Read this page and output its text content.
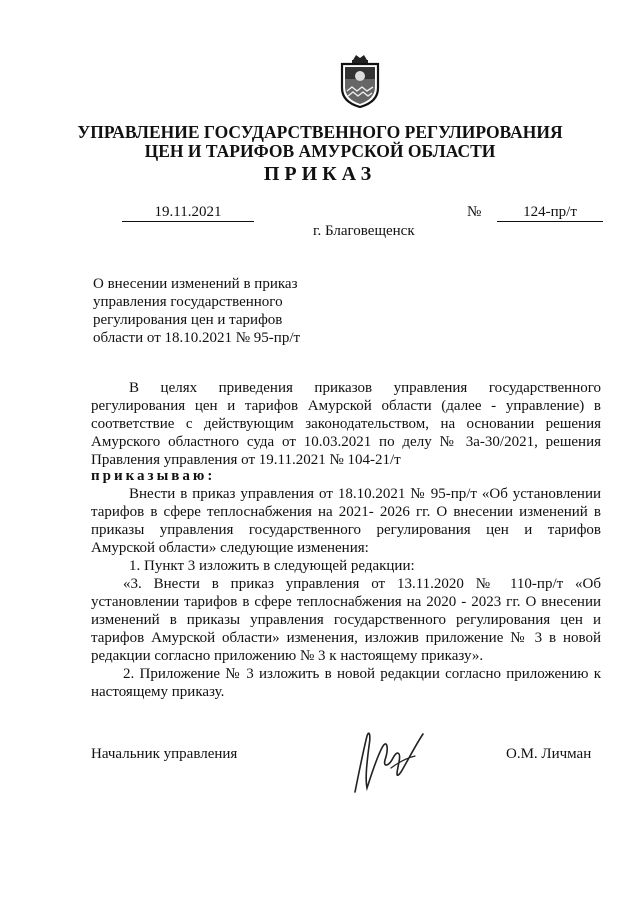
УПРАВЛЕНИЕ ГОСУДАРСТВЕННОГО РЕГУЛИРОВАНИЯ
ЦЕН И ТАРИФОВ АМУРСКОЙ ОБЛАСТИ
ПРИКАЗ
19.11.2021	№	124-пр/т
г. Благовещенск
О внесении изменений в приказ
управления государственного
регулирования цен и тарифов
области от 18.10.2021 № 95-пр/т
В целях приведения приказов управления государственного
регулирования цен и тарифов Амурской области (далее - управление) в
соответствие с действующим законодательством, на основании решения
Амурского областного суда от 10.03.2021 по делу № 3а-30/2021, решения
Правления управления от 19.11.2021 № 104-21/т
приказываю:
Внести в приказ управления от 18.10.2021 № 95-пр/т «Об установлении
тарифов в сфере теплоснабжения на 2021- 2026 гг. О внесении изменений в
приказы управления государственного регулирования цен и тарифов
Амурской области» следующие изменения:
1. Пункт 3 изложить в следующей редакции:
«3. Внести в приказ управления от 13.11.2020 № 110-пр/т «Об
установлении тарифов в сфере теплоснабжения на 2020 - 2023 гг. О внесении
изменений в приказы управления государственного регулирования цен и
тарифов Амурской области» изменения, изложив приложение № 3 в новой
редакции согласно приложению № 3 к настоящему приказу».
2. Приложение № 3 изложить в новой редакции согласно приложению к
настоящему приказу.
Начальник управления	О.М. Личман
